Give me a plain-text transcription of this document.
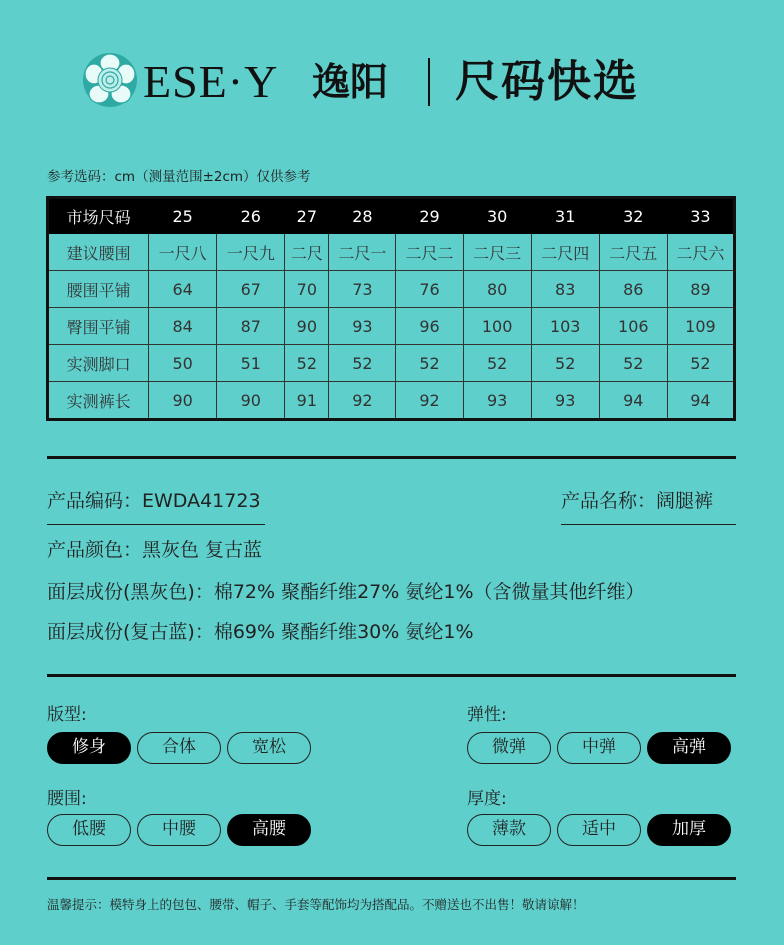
ESE·Y 逸阳 尺码快选
参考选码：cm（测量范围±2cm）仅供参考
市场尺码	25	26	27	28	29	30	31	32	33
建议腰围	一尺八	一尺九	二尺	二尺一	二尺二	二尺三	二尺四	二尺五	二尺六
腰围平铺	64	67	70	73	76	80	83	86	89
臀围平铺	84	87	90	93	96	100	103	106	109
实测脚口	50	51	52	52	52	52	52	52	52
实测裤长	90	90	91	92	92	93	93	94	94
产品编码：EWDA41723	产品名称：阔腿裤
产品颜色：黑灰色 复古蓝
面层成份(黑灰色)：棉72% 聚酯纤维27% 氨纶1%（含微量其他纤维）
面层成份(复古蓝)：棉69% 聚酯纤维30% 氨纶1%
版型:
修身	合体	宽松
弹性:
微弹	中弹	高弹
腰围:
低腰	中腰	高腰
厚度:
薄款	适中	加厚
温馨提示：模特身上的包包、腰带、帽子、手套等配饰均为搭配品。不赠送也不出售！敬请谅解！
